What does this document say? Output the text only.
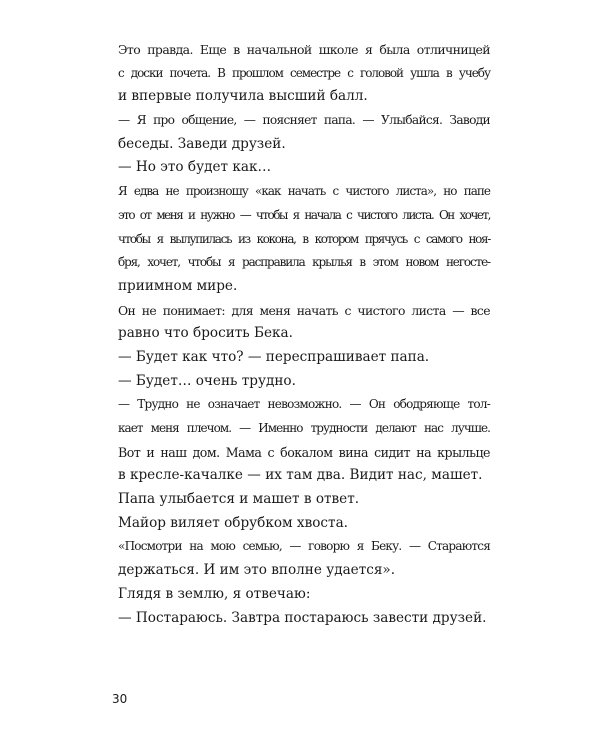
Это правда. Еще в начальной школе я была отличницей
с доски почета. В прошлом семестре с головой ушла в учебу
и впервые получила высший балл.
— Я про общение, — поясняет папа. — Улыбайся. Заводи
беседы. Заведи друзей.
— Но это будет как…
Я едва не произношу «как начать с чистого листа», но папе
это от меня и нужно — чтобы я начала с чистого листа. Он хочет,
чтобы я вылупилась из кокона, в котором прячусь с самого ноя-
бря, хочет, чтобы я расправила крылья в этом новом негосте-
приимном мире.
Он не понимает: для меня начать с чистого листа — все
равно что бросить Бека.
— Будет как что? — переспрашивает папа.
— Будет… очень трудно.
— Трудно не означает невозможно. — Он ободряюще тол-
кает меня плечом. — Именно трудности делают нас лучше.
Вот и наш дом. Мама с бокалом вина сидит на крыльце
в кресле-качалке — их там два. Видит нас, машет.
Папа улыбается и машет в ответ.
Майор виляет обрубком хвоста.
«Посмотри на мою семью, — говорю я Беку. — Стараются
держаться. И им это вполне удается».
Глядя в землю, я отвечаю:
— Постараюсь. Завтра постараюсь завести друзей.
30
